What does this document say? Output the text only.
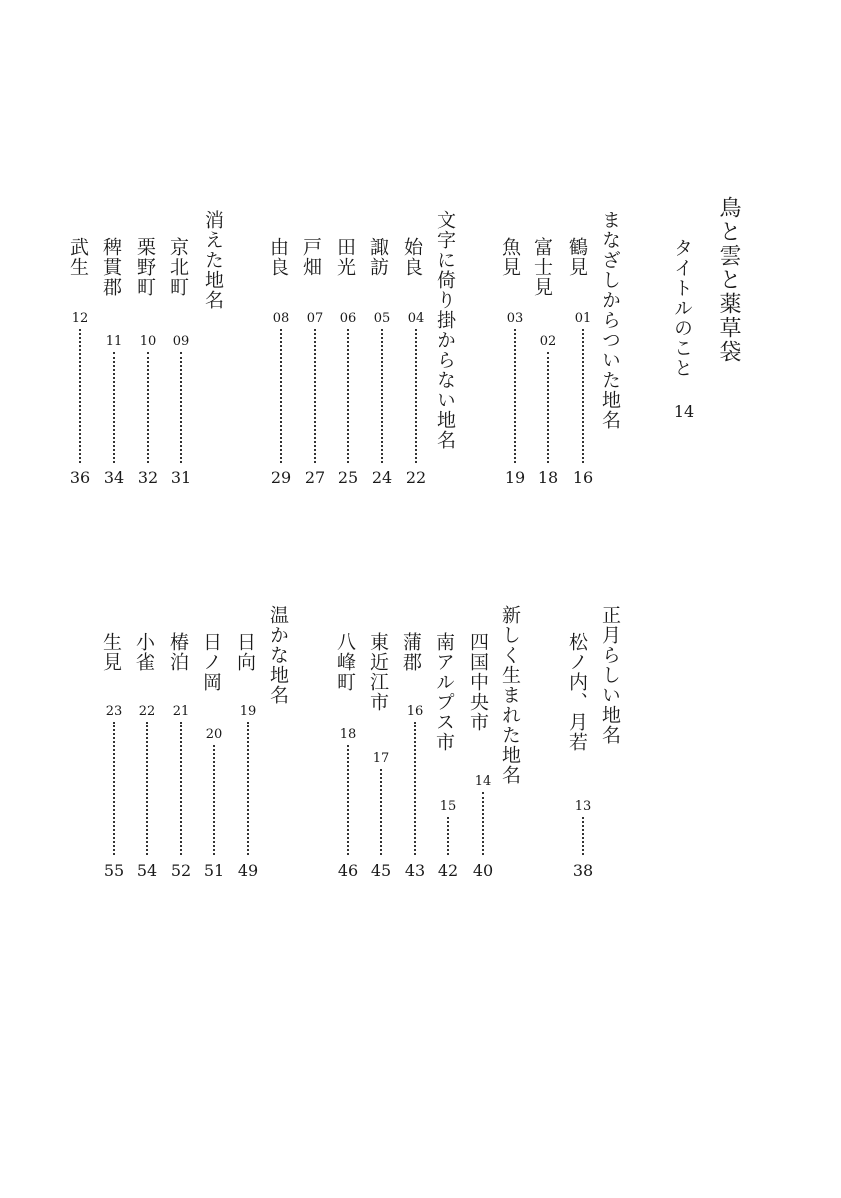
鳥と雲と薬草袋
タイトルのこと
14
まなざしからついた地名
鶴見
01
16
富士見
02
18
魚見
03
19
文字に倚り掛からない地名
始良
04
22
諏訪
05
24
田光
06
25
戸畑
07
27
由良
08
29
消えた地名
京北町
09
31
栗野町
10
32
稗貫郡
11
34
武生
12
36
正月らしい地名
松ノ内、月若
13
38
新しく生まれた地名
四国中央市
14
40
南アルプス市
15
42
蒲郡
16
43
東近江市
17
45
八峰町
18
46
温かな地名
日向
19
49
日ノ岡
20
51
椿泊
21
52
小雀
22
54
生見
23
55
